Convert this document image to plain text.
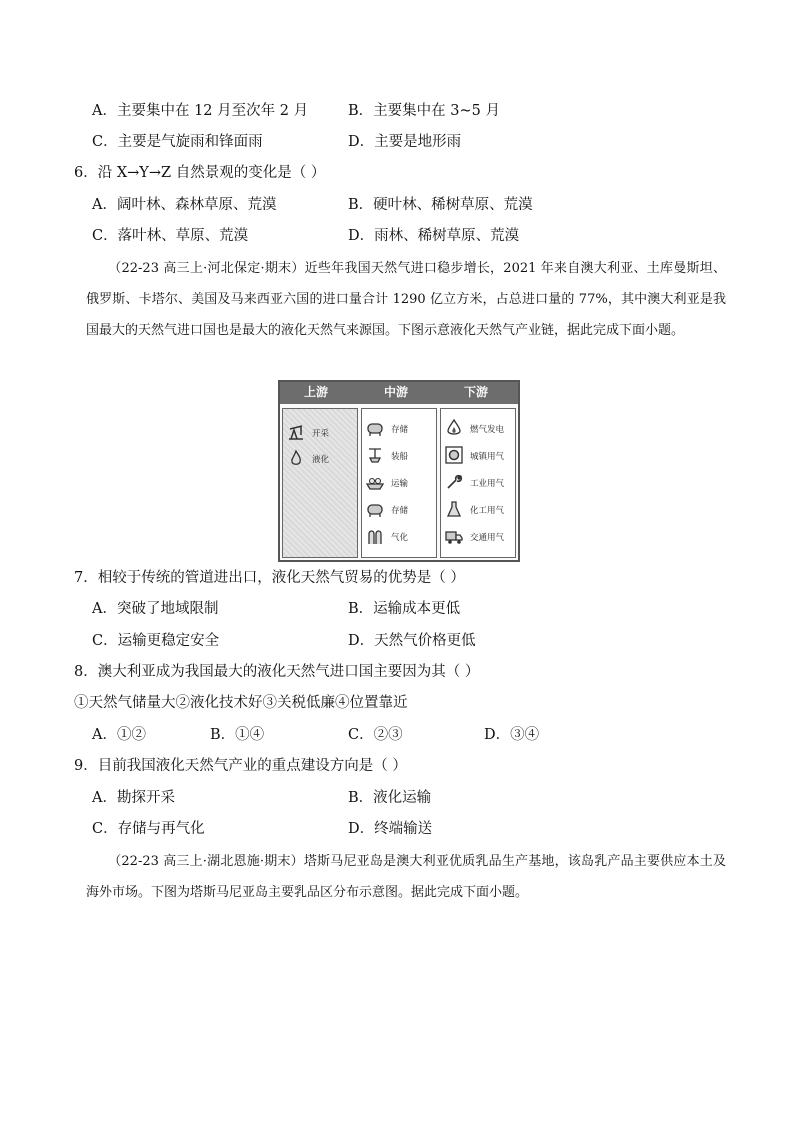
A．主要集中在 12 月至次年 2 月	B．主要集中在 3~5 月
C．主要是气旋雨和锋面雨	D．主要是地形雨
6．沿 X→Y→Z 自然景观的变化是（ ）
A．阔叶林、森林草原、荒漠	B．硬叶林、稀树草原、荒漠
C．落叶林、草原、荒漠	D．雨林、稀树草原、荒漠
（22-23 高三上·河北保定·期末）近些年我国天然气进口稳步增长，2021 年来自澳大利亚、土库曼斯坦、俄罗斯、卡塔尔、美国及马来西亚六国的进口量合计 1290 亿立方米，占总进口量的 77%，其中澳大利亚是我国最大的天然气进口国也是最大的液化天然气来源国。下图示意液化天然气产业链，据此完成下面小题。
上游	中游	下游
开采
液化
存储
装船
运输
存储
气化
燃气发电
城镇用气
工业用气
化工用气
交通用气
7．相较于传统的管道进出口，液化天然气贸易的优势是（ ）
A．突破了地域限制	B．运输成本更低
C．运输更稳定安全	D．天然气价格更低
8．澳大利亚成为我国最大的液化天然气进口国主要因为其（ ）
①天然气储量大②液化技术好③关税低廉④位置靠近
A．①②	B．①④	C．②③	D．③④
9．目前我国液化天然气产业的重点建设方向是（ ）
A．勘探开采	B．液化运输
C．存储与再气化	D．终端输送
（22-23 高三上·湖北恩施·期末）塔斯马尼亚岛是澳大利亚优质乳品生产基地，该岛乳产品主要供应本土及海外市场。下图为塔斯马尼亚岛主要乳品区分布示意图。据此完成下面小题。
